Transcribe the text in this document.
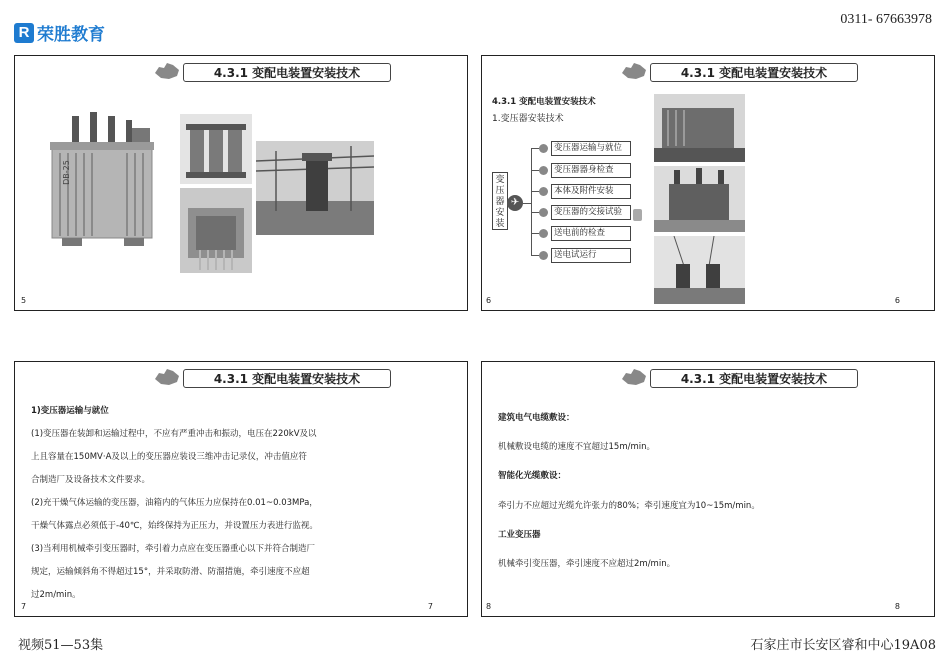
R 荣胜教育
0311- 67663978
4.3.1 变配电装置安装技术
DB-25
5
4.3.1 变配电装置安装技术
4.3.1 变配电装置安装技术
1.变压器安装技术
变压器安装
✈
变压器运输与就位
变压器器身检查
本体及附件安装
变压器的交接试验
送电前的检查
送电试运行
6	6
4.3.1 变配电装置安装技术
1)变压器运输与就位
(1)变压器在装卸和运输过程中，不应有严重冲击和振动，电压在220kV及以
上且容量在150MV·A及以上的变压器应装设三维冲击记录仪，冲击值应符
合制造厂及设备技术文件要求。
(2)充干燥气体运输的变压器，油箱内的气体压力应保持在0.01~0.03MPa，
干燥气体露点必须低于-40℃，始终保持为正压力，并设置压力表进行监视。
(3)当利用机械牵引变压器时，牵引着力点应在变压器重心以下并符合制造厂
规定，运输倾斜角不得超过15°，并采取防滑、防溜措施，牵引速度不应超
过2m/min。
7	7
4.3.1 变配电装置安装技术
建筑电气电缆敷设：
机械敷设电缆的速度不宜超过15m/min。
智能化光缆敷设：
牵引力不应超过光缆允许张力的80%；牵引速度宜为10~15m/min。
工业变压器
机械牵引变压器，牵引速度不应超过2m/min。
8	8
视频51—53集	石家庄市长安区睿和中心19A08
